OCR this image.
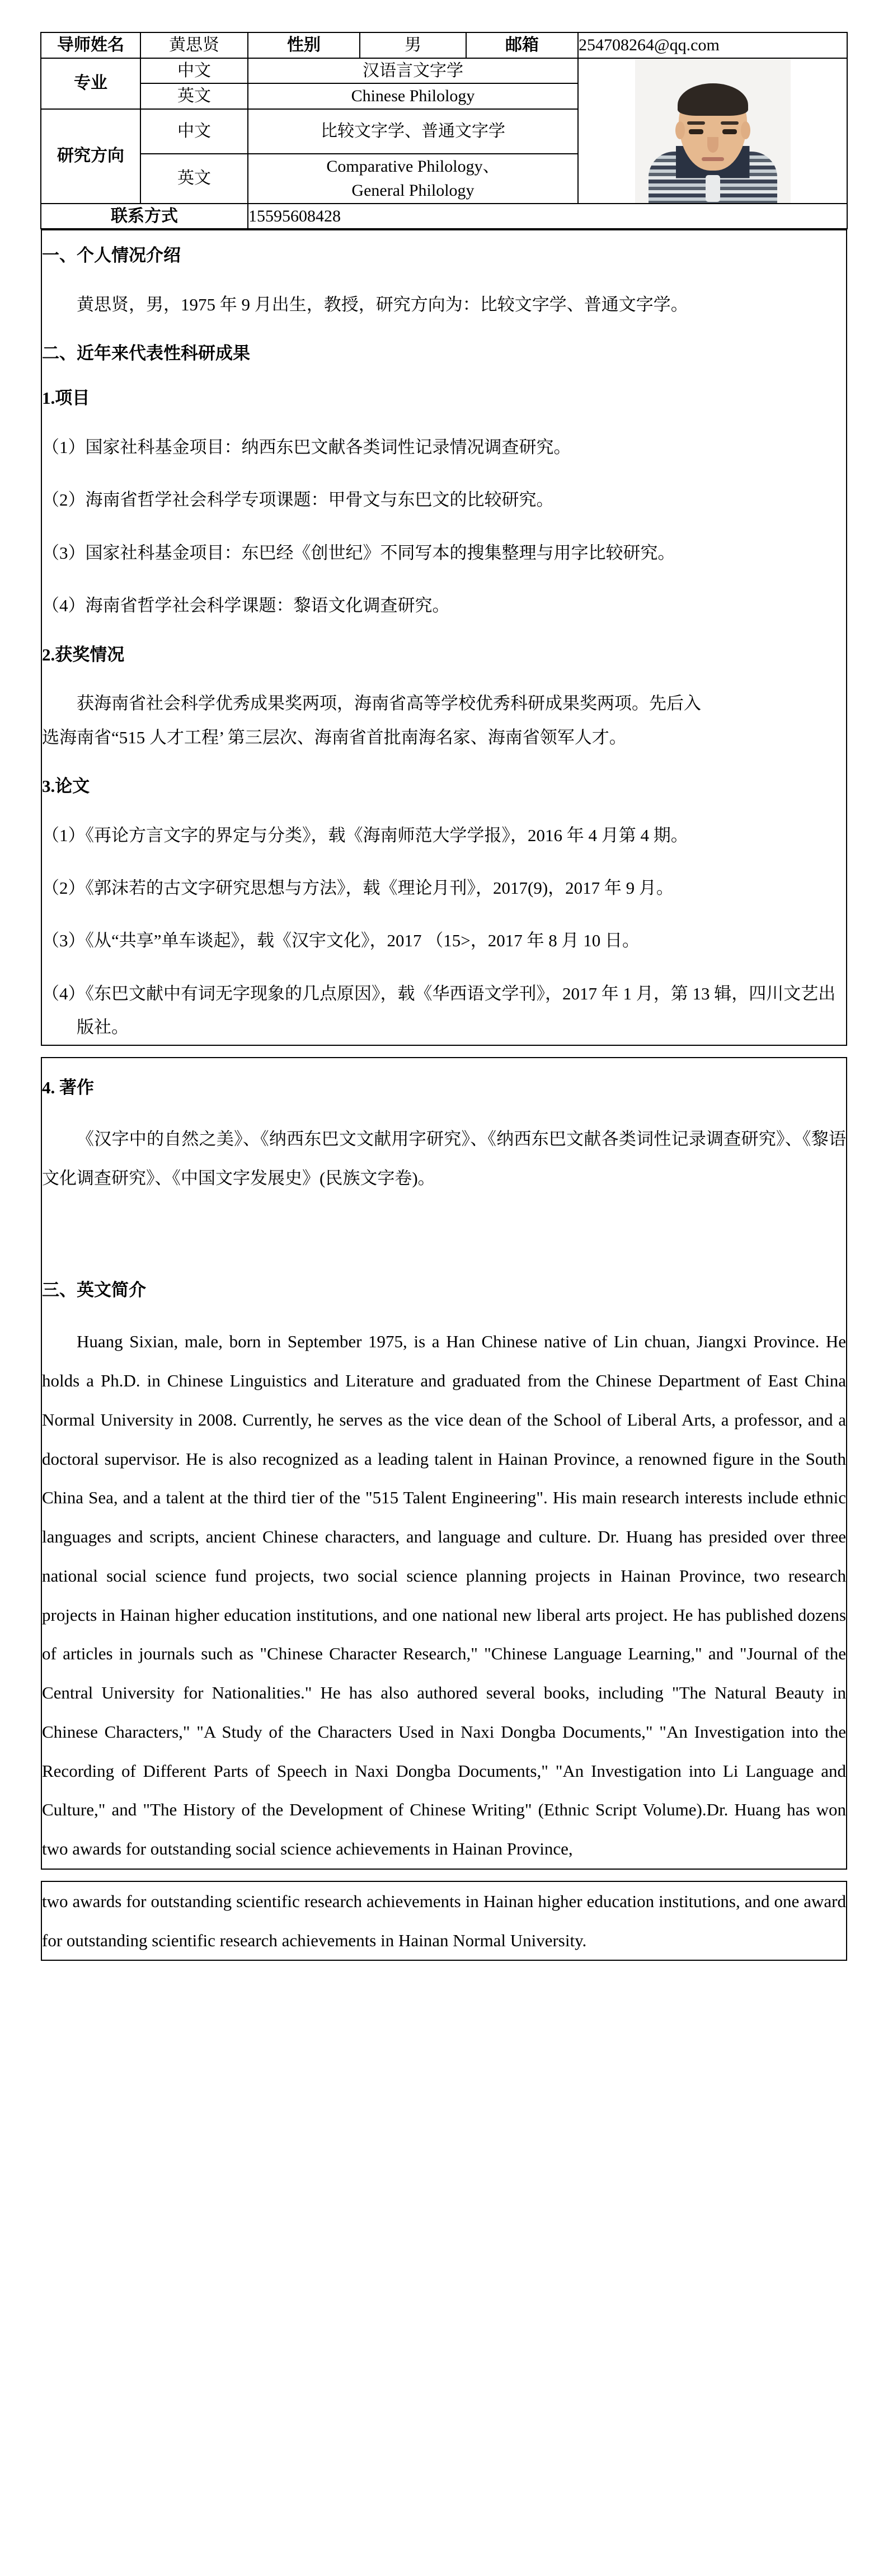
导师姓名	黄思贤	性别	男	邮箱	254708264@qq.com
专业	中文	汉语言文字学			

	英文	Chinese Philology			
研究方向	中文	比较文字学、普通文字学			
	英文	Comparative Philology、
General Philology			

联系方式		15595608428			
一、个人情况介绍

黄思贤，男，1975 年 9 月出生，教授，研究方向为：比较文字学、普通文字学。

二、近年来代表性科研成果
1.项目

（1）国家社科基金项目：纳西东巴文献各类词性记录情况调查研究。

（2）海南省哲学社会科学专项课题：甲骨文与东巴文的比较研究。

（3）国家社科基金项目：东巴经《创世纪》不同写本的搜集整理与用字比较研究。

（4）海南省哲学社会科学课题：黎语文化调查研究。

2.获奖情况

获海南省社会科学优秀成果奖两项，海南省高等学校优秀科研成果奖两项。先后入

选海南省“515 人才工程’ 第三层次、海南省首批南海名家、海南省领军人才。

3.论文

（1）《再论方言文字的界定与分类》，载《海南师范大学学报》，2016 年 4 月第 4 期。

（2）《郭沫若的古文字研究思想与方法》，载《理论月刊》，2017(9)，2017 年 9 月。

（3）《从“共享”单车谈起》，载《汉宇文化》，2017 （15>，2017 年 8 月 10 日。

（4）《东巴文献中有词无字现象的几点原因》，载《华西语文学刊》，2017 年 1 月，第 13 辑，四川文艺出版社。

4. 著作

《汉字中的自然之美》、《纳西东巴文文献用字研究》、《纳西东巴文献各类词性记录调查研究》、《黎语文化调查研究》、《中国文字发展史》(民族文字卷)。

三、英文简介

Huang Sixian, male, born in September 1975, is a Han Chinese native of Lin chuan, Jiangxi Province. He holds a Ph.D. in Chinese Linguistics and Literature and graduated from the Chinese Department of East China Normal University in 2008. Currently, he serves as the vice dean of the School of Liberal Arts, a professor, and a doctoral supervisor. He is also recognized as a leading talent in Hainan Province, a renowned figure in the South China Sea, and a talent at the third tier of the "515 Talent Engineering". His main research interests include ethnic languages and scripts, ancient Chinese characters, and language and culture. Dr. Huang has presided over three national social science fund projects, two social science planning projects in Hainan Province, two research projects in Hainan higher education institutions, and one national new liberal arts project. He has published dozens of articles in journals such as "Chinese Character Research," "Chinese Language Learning," and "Journal of the Central University for Nationalities." He has also authored several books, including "The Natural Beauty in Chinese Characters," "A Study of the Characters Used in Naxi Dongba Documents," "An Investigation into the Recording of Different Parts of Speech in Naxi Dongba Documents," "An Investigation into Li Language and Culture," and "The History of the Development of Chinese Writing" (Ethnic Script Volume).Dr. Huang has won two awards for outstanding social science achievements in Hainan Province,

two awards for outstanding scientific research achievements in Hainan higher education institutions, and one award for outstanding scientific research achievements in Hainan Normal University.
